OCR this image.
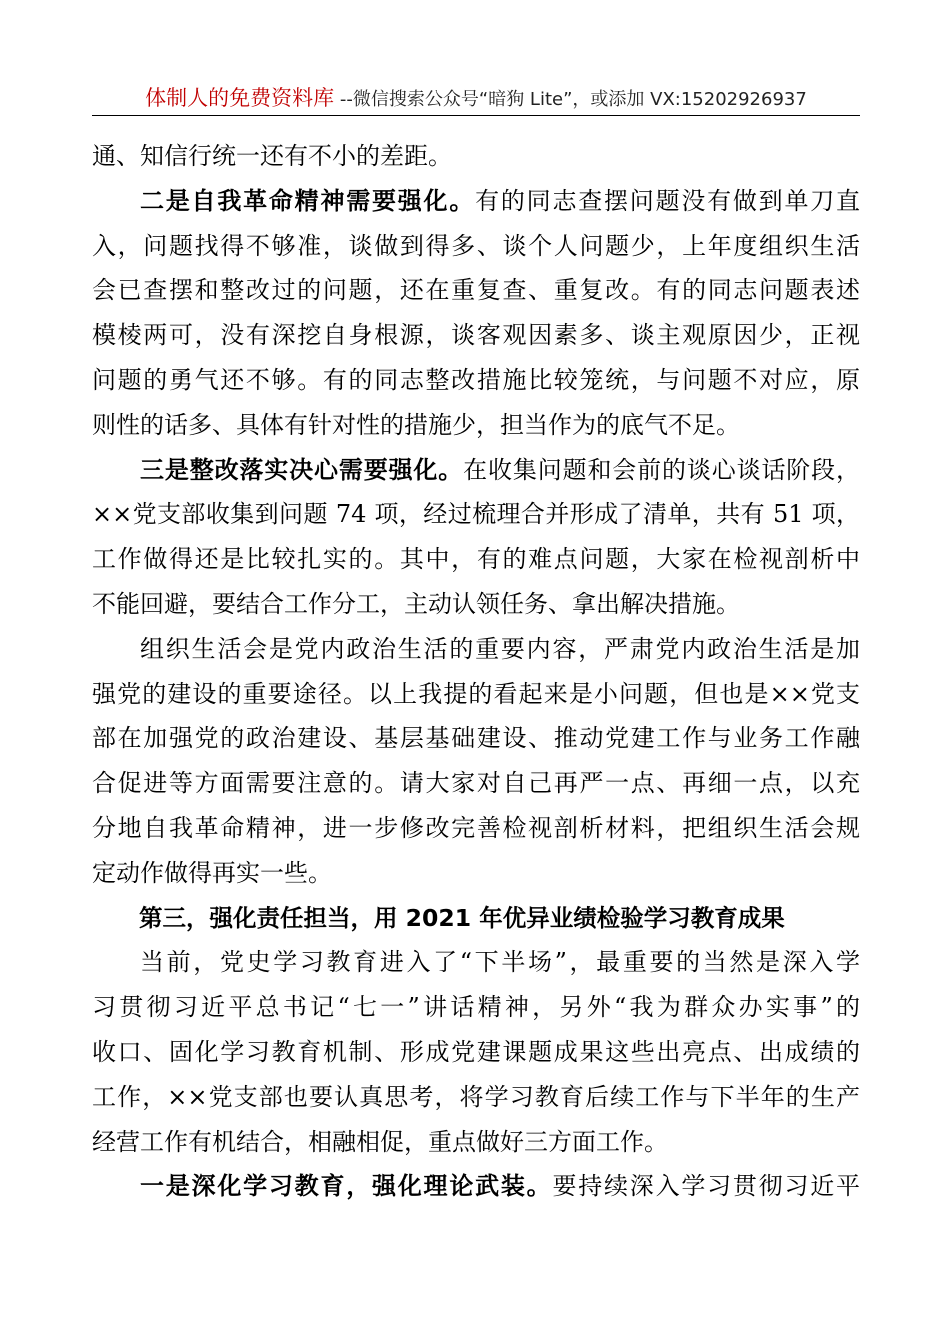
体制人的免费资料库 --微信搜索公众号“暗狗 Lite”，或添加 VX:15202926937

通、知信行统一还有不小的差距。

二是自我革命精神需要强化。有的同志查摆问题没有做到单刀直
入，问题找得不够准，谈做到得多、谈个人问题少，上年度组织生活
会已查摆和整改过的问题，还在重复查、重复改。有的同志问题表述
模棱两可，没有深挖自身根源，谈客观因素多、谈主观原因少，正视
问题的勇气还不够。有的同志整改措施比较笼统，与问题不对应，原
则性的话多、具体有针对性的措施少，担当作为的底气不足。

三是整改落实决心需要强化。在收集问题和会前的谈心谈话阶段，
××党支部收集到问题 74 项，经过梳理合并形成了清单，共有 51 项，
工作做得还是比较扎实的。其中，有的难点问题，大家在检视剖析中
不能回避，要结合工作分工，主动认领任务、拿出解决措施。

组织生活会是党内政治生活的重要内容，严肃党内政治生活是加
强党的建设的重要途径。以上我提的看起来是小问题，但也是××党支
部在加强党的政治建设、基层基础建设、推动党建工作与业务工作融
合促进等方面需要注意的。请大家对自己再严一点、再细一点，以充
分地自我革命精神，进一步修改完善检视剖析材料，把组织生活会规
定动作做得再实一些。

第三，强化责任担当，用 2021 年优异业绩检验学习教育成果

当前，党史学习教育进入了“下半场”，最重要的当然是深入学
习贯彻习近平总书记“七一”讲话精神，另外“我为群众办实事”的
收口、固化学习教育机制、形成党建课题成果这些出亮点、出成绩的
工作，××党支部也要认真思考，将学习教育后续工作与下半年的生产
经营工作有机结合，相融相促，重点做好三方面工作。

一是深化学习教育，强化理论武装。要持续深入学习贯彻习近平
